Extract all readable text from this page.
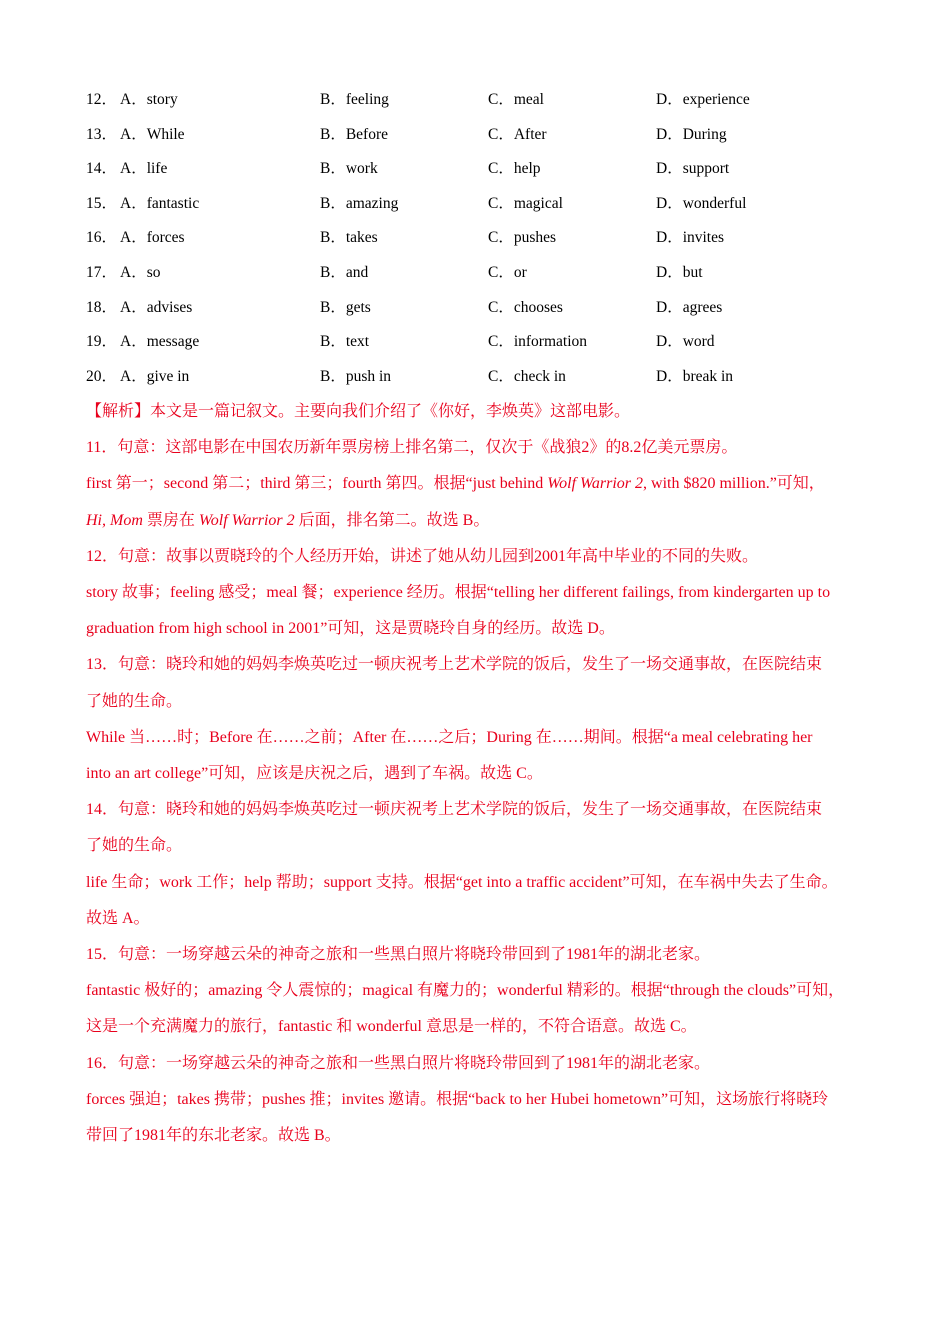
12． A．story	B．feeling	C．meal	D．experience
13． A．While	B．Before	C．After	D．During
14． A．life	B．work	C．help	D．support
15． A．fantastic	B．amazing	C．magical	D．wonderful
16． A．forces	B．takes	C．pushes	D．invites
17． A．so	B．and	C．or	D．but
18． A．advises	B．gets	C．chooses	D．agrees
19． A．message	B．text	C．information	D．word
20． A．give in	B．push in	C．check in	D．break in

【解析】本文是一篇记叙文。主要向我们介绍了《你好，李焕英》这部电影。

11．句意：这部电影在中国农历新年票房榜上排名第二，仅次于《战狼2》的8.2亿美元票房。

first 第一；second 第二；third 第三；fourth 第四。根据“just behind Wolf Warrior 2, with $820 million.”可知，

Hi, Mom 票房在 Wolf Warrior 2 后面，排名第二。故选 B。

12．句意：故事以贾晓玲的个人经历开始，讲述了她从幼儿园到2001年高中毕业的不同的失败。

story 故事；feeling 感受；meal 餐；experience 经历。根据“telling her different failings, from kindergarten up to

graduation from high school in 2001”可知，这是贾晓玲自身的经历。故选 D。

13．句意：晓玲和她的妈妈李焕英吃过一顿庆祝考上艺术学院的饭后，发生了一场交通事故，在医院结束

了她的生命。

While 当……时；Before 在……之前；After 在……之后；During 在……期间。根据“a meal celebrating her

into an art college”可知，应该是庆祝之后，遇到了车祸。故选 C。

14．句意：晓玲和她的妈妈李焕英吃过一顿庆祝考上艺术学院的饭后，发生了一场交通事故，在医院结束

了她的生命。

life 生命；work 工作；help 帮助；support 支持。根据“get into a traffic accident”可知，在车祸中失去了生命。

故选 A。

15．句意：一场穿越云朵的神奇之旅和一些黑白照片将晓玲带回到了1981年的湖北老家。

fantastic 极好的；amazing 令人震惊的；magical 有魔力的；wonderful 精彩的。根据“through the clouds”可知，

这是一个充满魔力的旅行，fantastic 和 wonderful 意思是一样的，不符合语意。故选 C。

16．句意：一场穿越云朵的神奇之旅和一些黑白照片将晓玲带回到了1981年的湖北老家。

forces 强迫；takes 携带；pushes 推；invites 邀请。根据“back to her Hubei hometown”可知，这场旅行将晓玲

带回了1981年的东北老家。故选 B。
